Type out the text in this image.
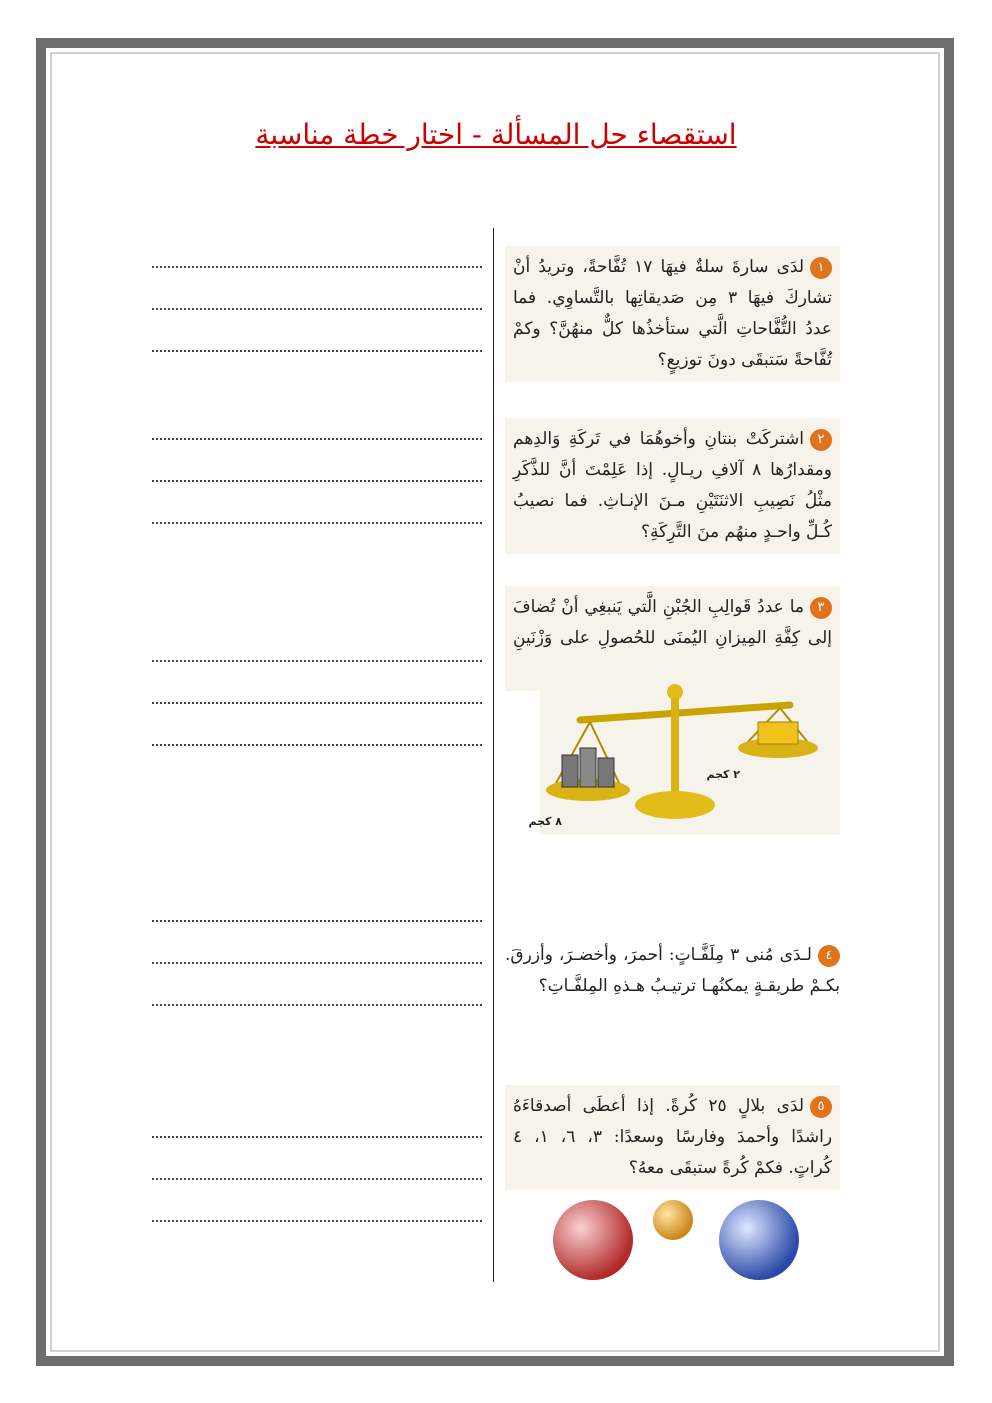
استقصاء حل المسألة - اختار خطة مناسبة
١لدَى سارةَ سلةٌ فيهَا ١٧ تُفَّاحةً، وتريدُ أنْ تشاركَ فيهَا ٣ مِن صَديقاتِها بالتَّساوِي. فما عددُ التُّفَّاحاتِ الَّتي ستأخذُها كلٌّ منهُنَّ؟ وكمْ تُفَّاحةً سَتبقَى دونَ توزيعٍ؟
٢اشتركَتْ بنتانِ وأخوهُمَا في تَركَةِ وَالدِهم ومقدارُها ٨ آلافِ ريـالٍ. إذا عَلِمْتَ أنَّ للذَّكَرِ مثْلُ نَصِيبِ الاثنَتَيْنِ مـنَ الإنـاثِ. فما نصيبُ كُـلِّ واحـدٍ منهُم منَ التَّرِكَةِ؟
٣ما عددُ قَوالِبِ الجُبْنِ الَّتي يَنبغِي أنْ تُضافَ إلى كِفَّةِ المِيزانِ اليُمنَى للحُصولِ على وَزْنَينِ
٢ كجم
٨ كجم
٤لـدَى مُنى ٣ مِلَفَّـاتٍ: أحمرَ، وأخضـرَ، وأزرقَ. بكـمْ طريقـةٍ يمكنُهـا ترتيـبُ هـذهِ المِلفَّـاتِ؟
٥لدَى بلالٍ ٢٥ كُرةً. إذا أعطَى أصدقاءَهُ راشدًا وأحمدَ وفارسًا وسعدًا: ٣، ٦، ١، ٤ كُراتٍ. فكمْ كُرةً ستبقَى معهُ؟
